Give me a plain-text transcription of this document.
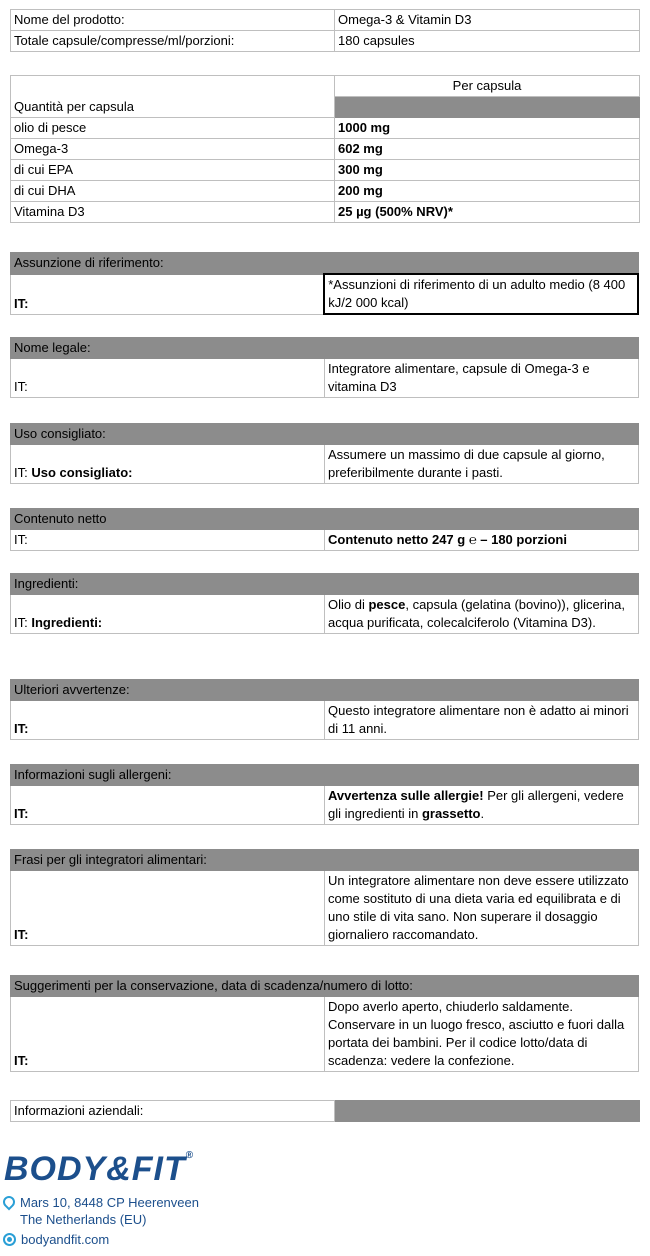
Nome del prodotto:	Omega-3 & Vitamin D3
Totale capsule/compresse/ml/porzioni:	180 capsules
Quantità per capsula	Per capsula

olio di pesce	1000 mg
Omega-3	602 mg
di cui EPA	300 mg
di cui DHA	200 mg
Vitamina D3	25 µg (500% NRV)*
Assunzione di riferimento:
IT:	*Assunzioni di riferimento di un adulto medio (8 400 kJ/2 000 kcal)
Nome legale:
IT:	Integratore alimentare, capsule di Omega-3 e vitamina D3
Uso consigliato:
IT: Uso consigliato:	Assumere un massimo di due capsule al giorno, preferibilmente durante i pasti.
Contenuto netto
IT:	Contenuto netto 247 g ℮ – 180 porzioni
Ingredienti:
IT: Ingredienti:	Olio di pesce, capsula (gelatina (bovino)), glicerina, acqua purificata, colecalciferolo (Vitamina D3).
Ulteriori avvertenze:
IT:	Questo integratore alimentare non è adatto ai minori di 11 anni.
Informazioni sugli allergeni:
IT:	Avvertenza sulle allergie! Per gli allergeni, vedere gli ingredienti in grassetto.
Frasi per gli integratori alimentari:
IT:	Un integratore alimentare non deve essere utilizzato come sostituto di una dieta varia ed equilibrata e di uno stile di vita sano. Non superare il dosaggio giornaliero raccomandato.
Suggerimenti per la conservazione, data di scadenza/numero di lotto:
IT:	Dopo averlo aperto, chiuderlo saldamente. Conservare in un luogo fresco, asciutto e fuori dalla portata dei bambini. Per il codice lotto/data di scadenza: vedere la confezione.
Informazioni aziendali:	
BODY&FIT®
Mars 10, 8448 CP Heerenveen
The Netherlands (EU)
bodyandfit.com
